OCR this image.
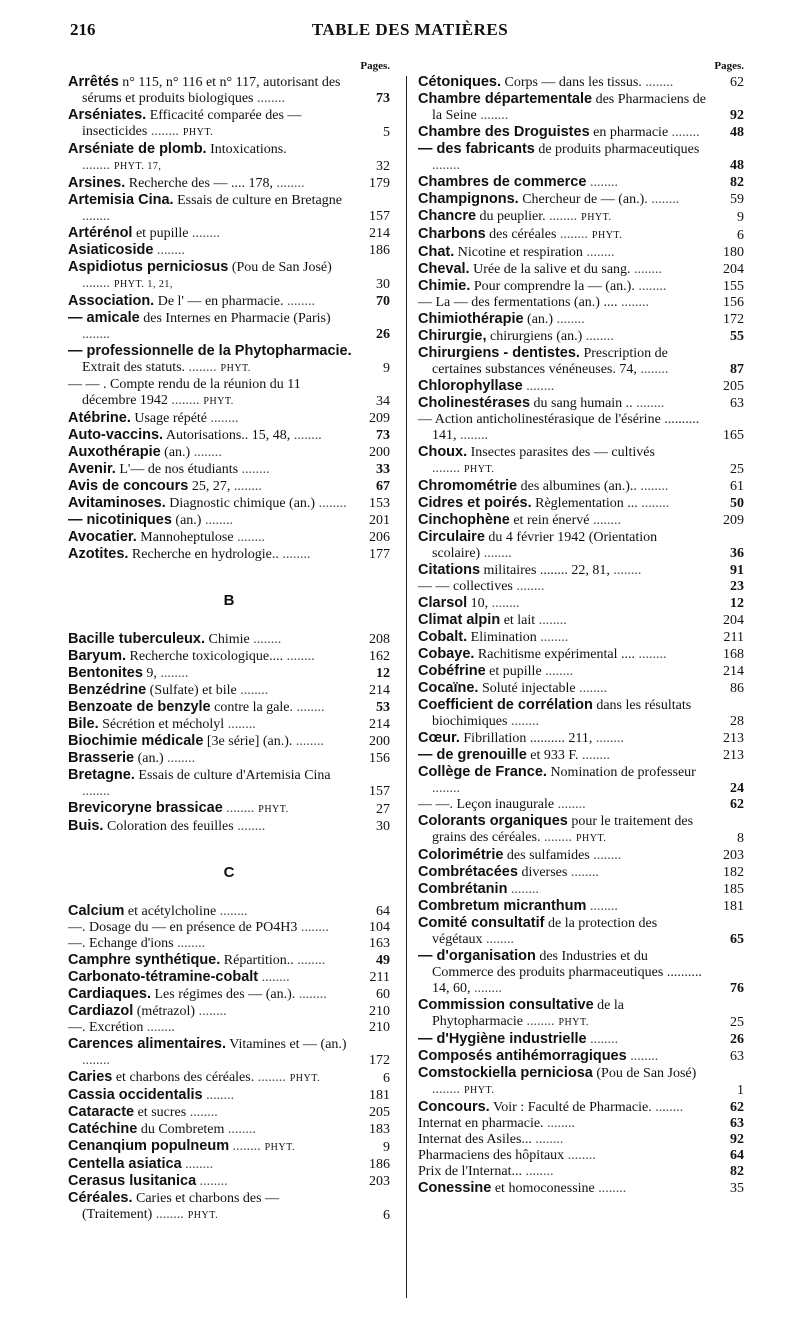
216	TABLE DES MATIÈRES
Pages.
Arrêtés n° 115, n° 116 et n° 117, autorisant des sérums et produits biologiques ........	73
Arséniates. Efficacité comparée des — insecticides ........ PHYT.	5
Arséniate de plomb. Intoxications. ........ PHYT. 17,	32
Arsines. Recherche des — .... 178, ........	179
Artemisia Cina. Essais de culture en Bretagne ........	157
Artérénol et pupille ........	214
Asiaticoside ........	186
Aspidiotus perniciosus (Pou de San José) ........ PHYT. 1, 21,	30
Association. De l' — en pharmacie. ........	70
— amicale des Internes en Pharmacie (Paris) ........	26
— professionnelle de la Phytopharmacie. Extrait des statuts. ........ PHYT.	9
— — . Compte rendu de la réunion du 11 décembre 1942 ........ PHYT.	34
Atébrine. Usage répété ........	209
Auto-vaccins. Autorisations.. 15, 48, ........	73
Auxothérapie (an.) ........	200
Avenir. L'— de nos étudiants ........	33
Avis de concours 25, 27, ........	67
Avitaminoses. Diagnostic chimique (an.) ........	153
— nicotiniques (an.) ........	201
Avocatier. Mannoheptulose ........	206
Azotites. Recherche en hydrologie.. ........	177
B
Bacille tuberculeux. Chimie ........	208
Baryum. Recherche toxicologique.... ........	162
Bentonites 9, ........	12
Benzédrine (Sulfate) et bile ........	214
Benzoate de benzyle contre la gale. ........	53
Bile. Sécrétion et mécholyl ........	214
Biochimie médicale [3e série] (an.). ........	200
Brasserie (an.) ........	156
Bretagne. Essais de culture d'Artemisia Cina ........	157
Brevicoryne brassicae ........ PHYT.	27
Buis. Coloration des feuilles ........	30
C
Calcium et acétylcholine ........	64
—. Dosage du — en présence de PO4H3 ........	104
—. Echange d'ions ........	163
Camphre synthétique. Répartition.. ........	49
Carbonato-tétramine-cobalt ........	211
Cardiaques. Les régimes des — (an.). ........	60
Cardiazol (métrazol) ........	210
—. Excrétion ........	210
Carences alimentaires. Vitamines et — (an.) ........	172
Caries et charbons des céréales. ........ PHYT.	6
Cassia occidentalis ........	181
Cataracte et sucres ........	205
Catéchine du Combretem ........	183
Cenanqium populneum ........ PHYT.	9
Centella asiatica ........	186
Cerasus lusitanica ........	203
Céréales. Caries et charbons des — (Traitement) ........ PHYT.	6
Pages.
Cétoniques. Corps — dans les tissus. ........	62
Chambre départementale des Pharmaciens de la Seine ........	92
Chambre des Droguistes en pharmacie ........	48
— des fabricants de produits pharmaceutiques ........	48
Chambres de commerce ........	82
Champignons. Chercheur de — (an.). ........	59
Chancre du peuplier. ........ PHYT.	9
Charbons des céréales ........ PHYT.	6
Chat. Nicotine et respiration ........	180
Cheval. Urée de la salive et du sang. ........	204
Chimie. Pour comprendre la — (an.). ........	155
— La — des fermentations (an.) .... ........	156
Chimiothérapie (an.) ........	172
Chirurgie, chirurgiens (an.) ........	55
Chirurgiens - dentistes. Prescription de certaines substances vénéneuses. 74, ........	87
Chlorophyllase ........	205
Cholinestérases du sang humain .. ........	63
— Action anticholinestérasique de l'ésérine .......... 141, ........	165
Choux. Insectes parasites des — cultivés ........ PHYT.	25
Chromométrie des albumines (an.).. ........	61
Cidres et poirés. Règlementation ... ........	50
Cinchophène et rein énervé ........	209
Circulaire du 4 février 1942 (Orientation scolaire) ........	36
Citations militaires ........ 22, 81, ........	91
— — collectives ........	23
Clarsol 10, ........	12
Climat alpin et lait ........	204
Cobalt. Elimination ........	211
Cobaye. Rachitisme expérimental .... ........	168
Cobéfrine et pupille ........	214
Cocaïne. Soluté injectable ........	86
Coefficient de corrélation dans les résultats biochimiques ........	28
Cœur. Fibrillation .......... 211, ........	213
— de grenouille et 933 F. ........	213
Collège de France. Nomination de professeur ........	24
— —. Leçon inaugurale ........	62
Colorants organiques pour le traitement des grains des céréales. ........ PHYT.	8
Colorimétrie des sulfamides ........	203
Combrétacées diverses ........	182
Combrétanin ........	185
Combretum micranthum ........	181
Comité consultatif de la protection des végétaux ........	65
— d'organisation des Industries et du Commerce des produits pharmaceutiques .......... 14, 60, ........	76
Commission consultative de la Phytopharmacie ........ PHYT.	25
— d'Hygiène industrielle ........	26
Composés antihémorragiques ........	63
Comstockiella perniciosa (Pou de San José) ........ PHYT.	1
Concours. Voir : Faculté de Pharmacie. ........	62
Internat en pharmacie. ........	63
Internat des Asiles... ........	92
Pharmaciens des hôpitaux ........	64
Prix de l'Internat... ........	82
Conessine et homoconessine ........	35
